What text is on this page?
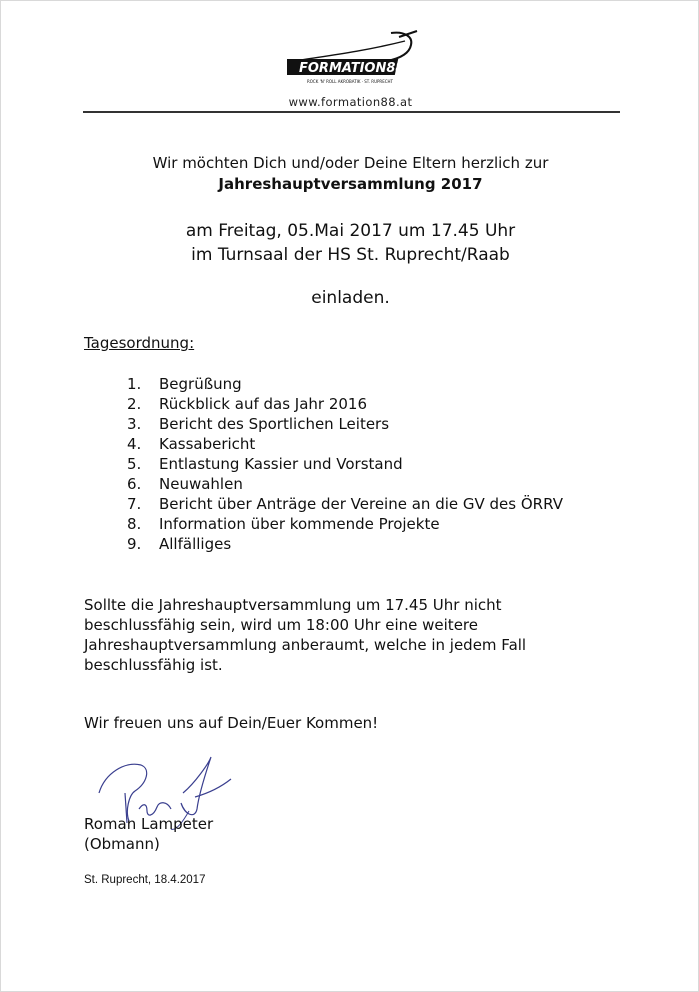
FORMATION88
ROCK 'N' ROLL AKROBATIK · ST. RUPRECHT
www.formation88.at
Wir möchten Dich und/oder Deine Eltern herzlich zur
Jahreshauptversammlung 2017
am Freitag, 05.Mai 2017 um 17.45 Uhr
im Turnsaal der HS St. Ruprecht/Raab
einladen.
Tagesordnung:
1.	Begrüßung
2.	Rückblick auf das Jahr 2016
3.	Bericht des Sportlichen Leiters
4.	Kassabericht
5.	Entlastung Kassier und Vorstand
6.	Neuwahlen
7.	Bericht über Anträge der Vereine an die GV des ÖRRV
8.	Information über kommende Projekte
9.	Allfälliges
Sollte die Jahreshauptversammlung um 17.45 Uhr nicht
beschlussfähig sein, wird um 18:00 Uhr eine weitere
Jahreshauptversammlung anberaumt, welche in jedem Fall
beschlussfähig ist.
Wir freuen uns auf Dein/Euer Kommen!
Roman Lampeter
(Obmann)
St. Ruprecht, 18.4.2017
